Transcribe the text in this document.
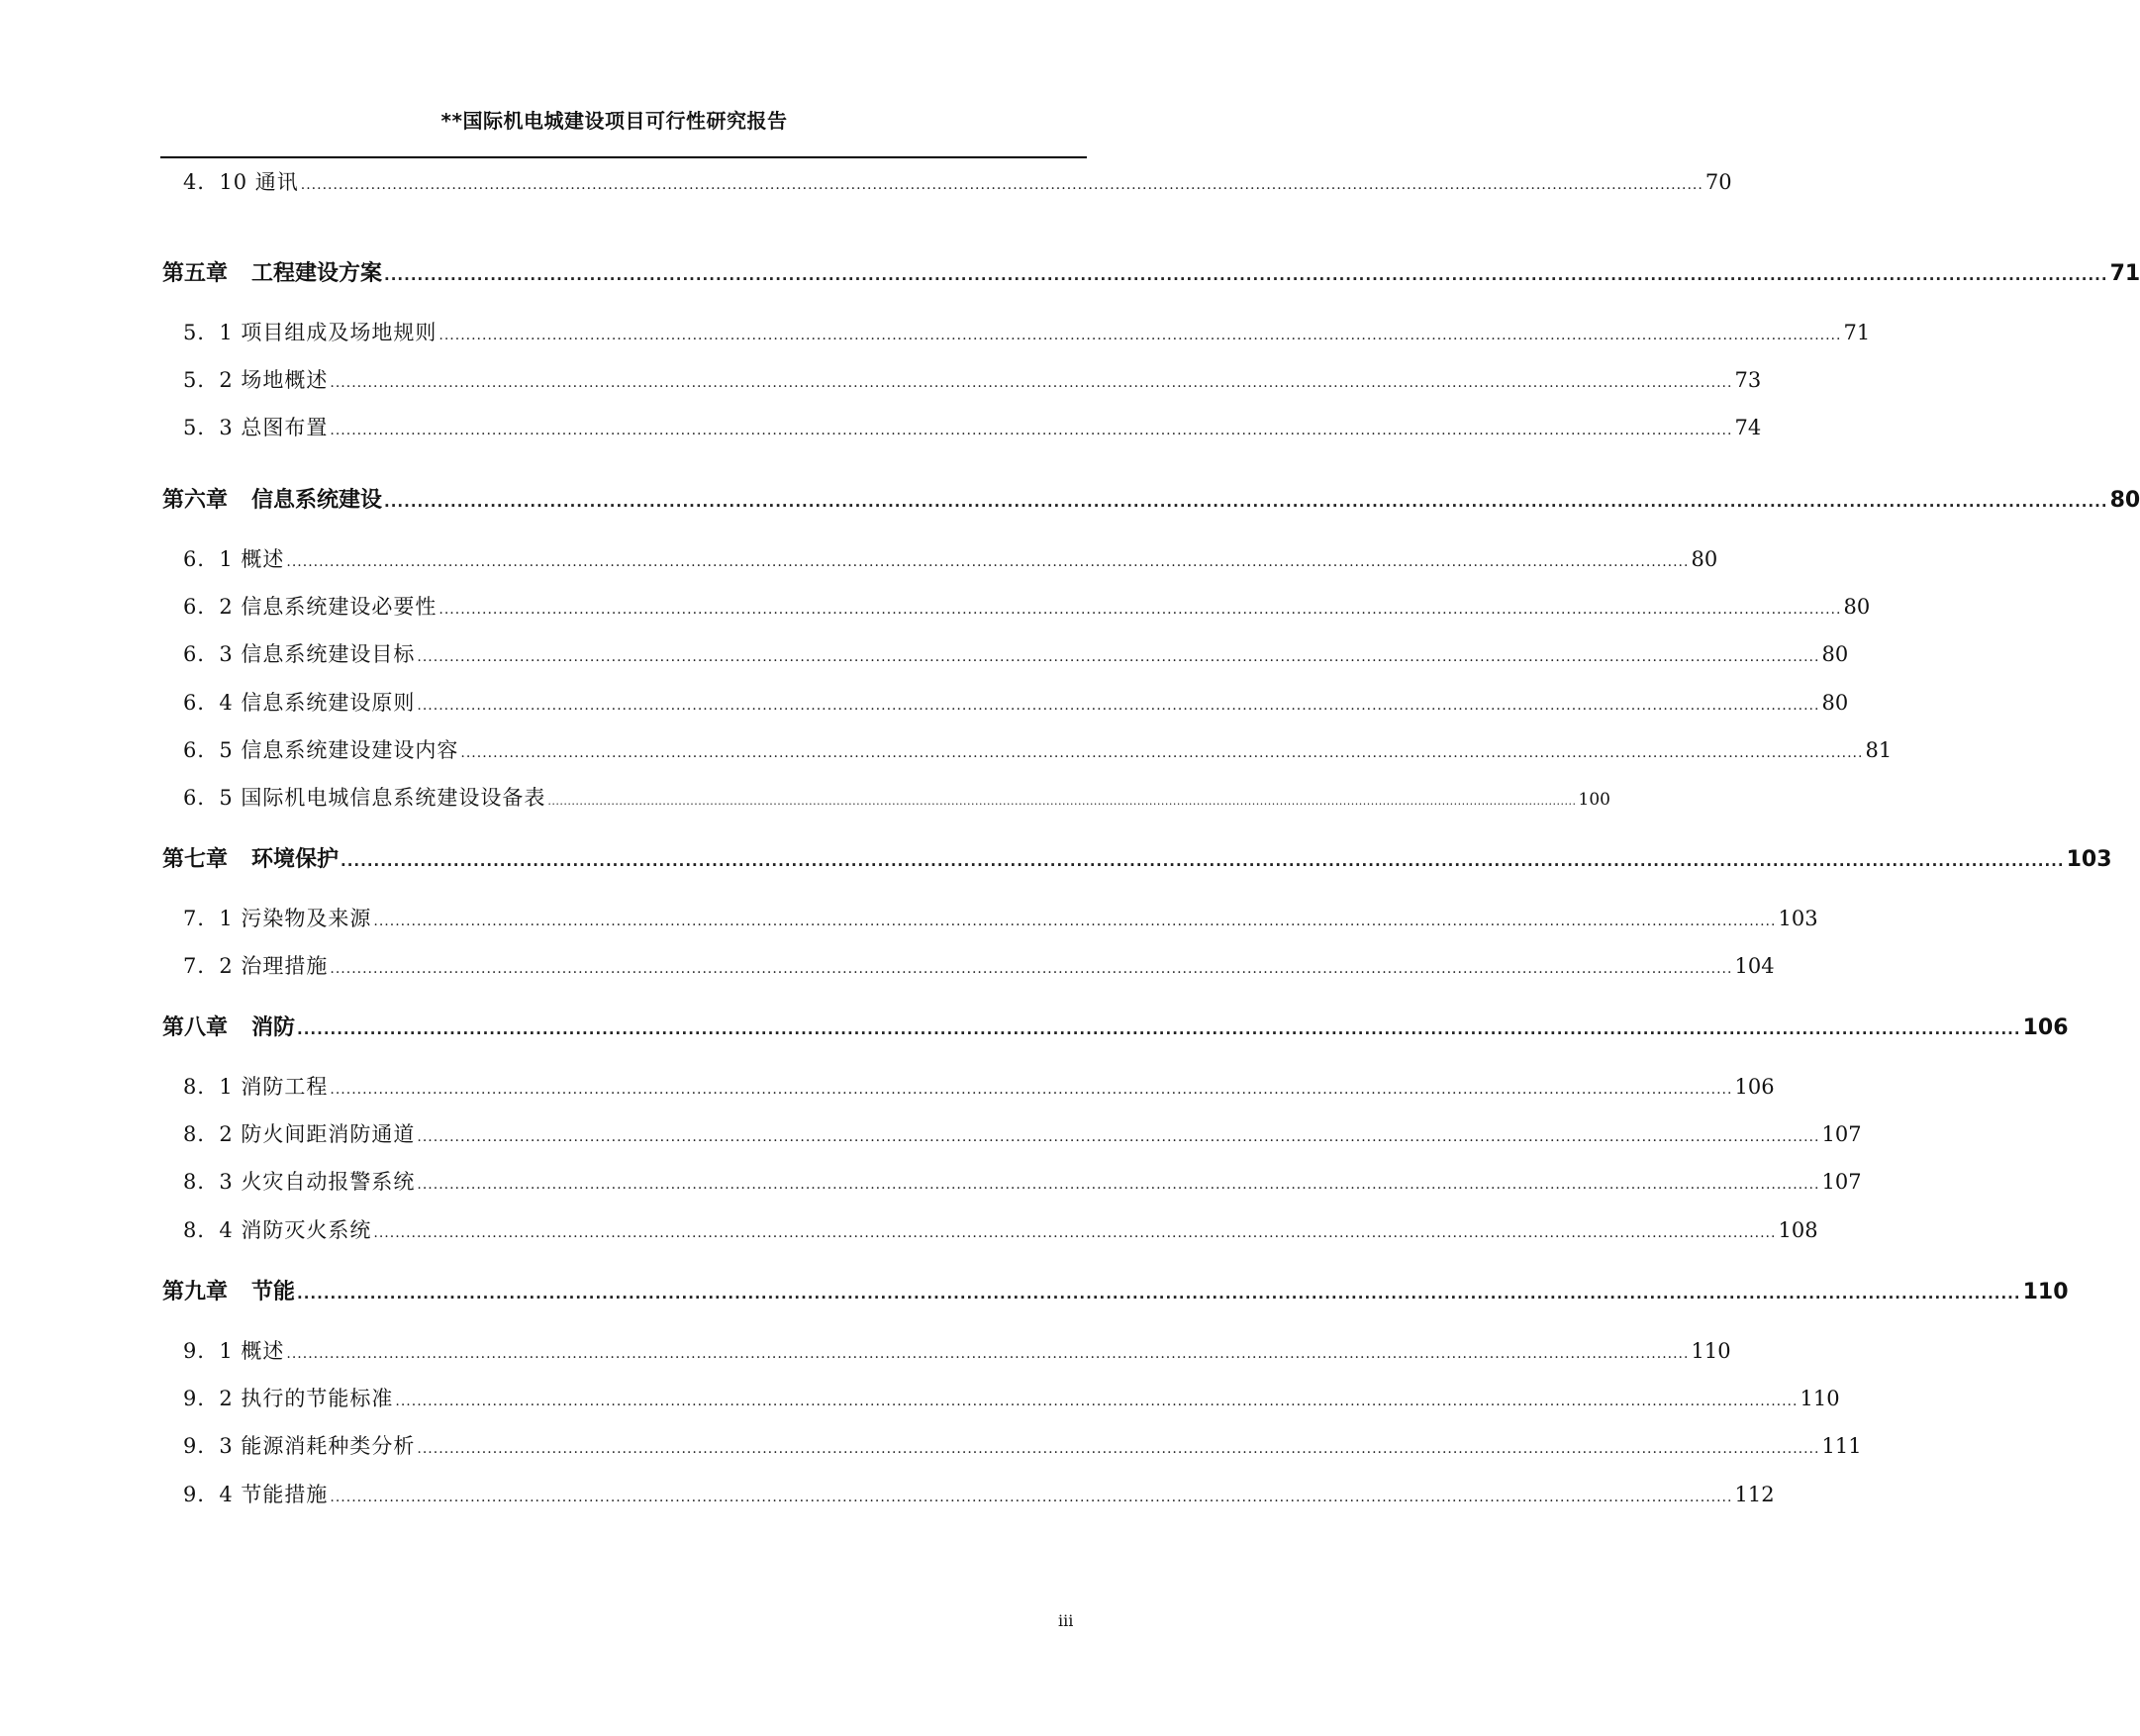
**国际机电城建设项目可行性研究报告
4．10 通讯 .................................................................................................................................................................................................................................................................... 70
第五章 工程建设方案 .................................................................................................................................................................................................................................................................... 71
5．1 项目组成及场地规则 .................................................................................................................................................................................................................................................................... 71
5．2 场地概述 .................................................................................................................................................................................................................................................................... 73
5．3 总图布置 .................................................................................................................................................................................................................................................................... 74
第六章 信息系统建设 .................................................................................................................................................................................................................................................................... 80
6．1 概述 .................................................................................................................................................................................................................................................................... 80
6．2 信息系统建设必要性 .................................................................................................................................................................................................................................................................... 80
6．3 信息系统建设目标 .................................................................................................................................................................................................................................................................... 80
6．4 信息系统建设原则 .................................................................................................................................................................................................................................................................... 80
6．5 信息系统建设建设内容 .................................................................................................................................................................................................................................................................... 81
6．5 国际机电城信息系统建设设备表 .................................................................................................................................................................................................................................................................... 100
第七章 环境保护 .................................................................................................................................................................................................................................................................... 103
7．1 污染物及来源 .................................................................................................................................................................................................................................................................... 103
7．2 治理措施 .................................................................................................................................................................................................................................................................... 104
第八章 消防 .................................................................................................................................................................................................................................................................... 106
8．1 消防工程 .................................................................................................................................................................................................................................................................... 106
8．2 防火间距消防通道 .................................................................................................................................................................................................................................................................... 107
8．3 火灾自动报警系统 .................................................................................................................................................................................................................................................................... 107
8．4 消防灭火系统 .................................................................................................................................................................................................................................................................... 108
第九章 节能 .................................................................................................................................................................................................................................................................... 110
9．1 概述 .................................................................................................................................................................................................................................................................... 110
9．2 执行的节能标准 .................................................................................................................................................................................................................................................................... 110
9．3 能源消耗种类分析 .................................................................................................................................................................................................................................................................... 111
9．4 节能措施 .................................................................................................................................................................................................................................................................... 112
iii
